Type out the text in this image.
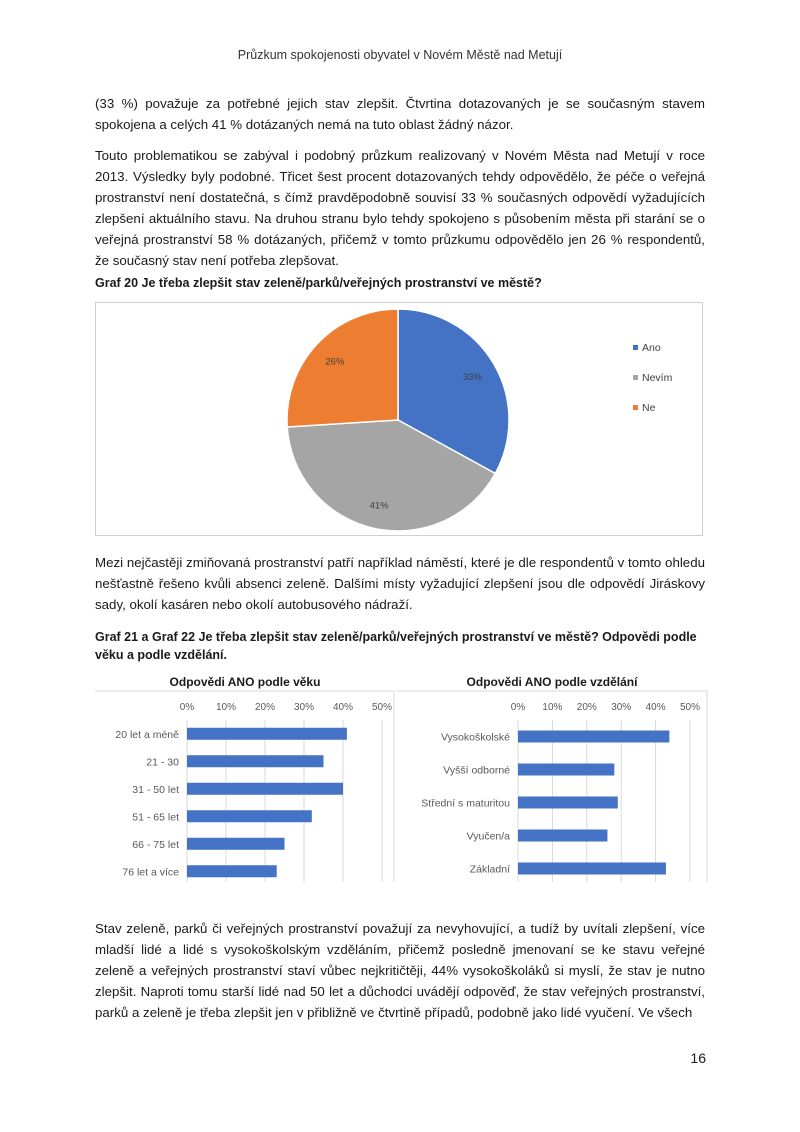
Průzkum spokojenosti obyvatel v Novém Městě nad Metují

(33 %) považuje za potřebné jejich stav zlepšit. Čtvrtina dotazovaných je se současným stavem spokojena a celých 41 % dotázaných nemá na tuto oblast žádný názor.

Touto problematikou se zabýval i podobný průzkum realizovaný v Novém Města nad Metují v roce 2013. Výsledky byly podobné. Třicet šest procent dotazovaných tehdy odpovědělo, že péče o veřejná prostranství není dostatečná, s čímž pravděpodobně souvisí 33 % současných odpovědí vyžadujících zlepšení aktuálního stavu. Na druhou stranu bylo tehdy spokojeno s působením města při starání se o veřejná prostranství 58 % dotázaných, přičemž v tomto průzkumu odpovědělo jen 26 % respondentů, že současný stav není potřeba zlepšovat.

Graf 20 Je třeba zlepšit stav zeleně/parků/veřejných prostranství ve městě?

33%
41%
26%
Ano
Nevím
Ne

Mezi nejčastěji zmiňovaná prostranství patří například náměstí, které je dle respondentů v tomto ohledu nešťastně řešeno kvůli absenci zeleně. Dalšími místy vyžadující zlepšení jsou dle odpovědí Jiráskovy sady, okolí kasáren nebo okolí autobusového nádraží.

Graf 21 a Graf 22 Je třeba zlepšit stav zeleně/parků/veřejných prostranství ve městě? Odpovědi podle věku a podle vzdělání.

Odpovědi ANO podle věku
0% 10% 20% 30% 40% 50%
20 let a méně
21 - 30
31 - 50 let
51 - 65 let
66 - 75 let
76 let a více
Odpovědi ANO podle vzdělání
0% 10% 20% 30% 40% 50%
Vysokoškolské
Vyšší odborné
Střední s maturitou
Vyučen/a
Základní

Stav zeleně, parků či veřejných prostranství považují za nevyhovující, a tudíž by uvítali zlepšení, více mladší lidé a lidé s vysokoškolským vzděláním, přičemž posledně jmenovaní se ke stavu veřejné zeleně a veřejných prostranství staví vůbec nejkritičtěji, 44% vysokoškoláků si myslí, že stav je nutno zlepšit. Naproti tomu starší lidé nad 50 let a důchodci uvádějí odpověď, že stav veřejných prostranství, parků a zeleně je třeba zlepšit jen v přibližně ve čtvrtině případů, podobně jako lidé vyučení. Ve všech

16
